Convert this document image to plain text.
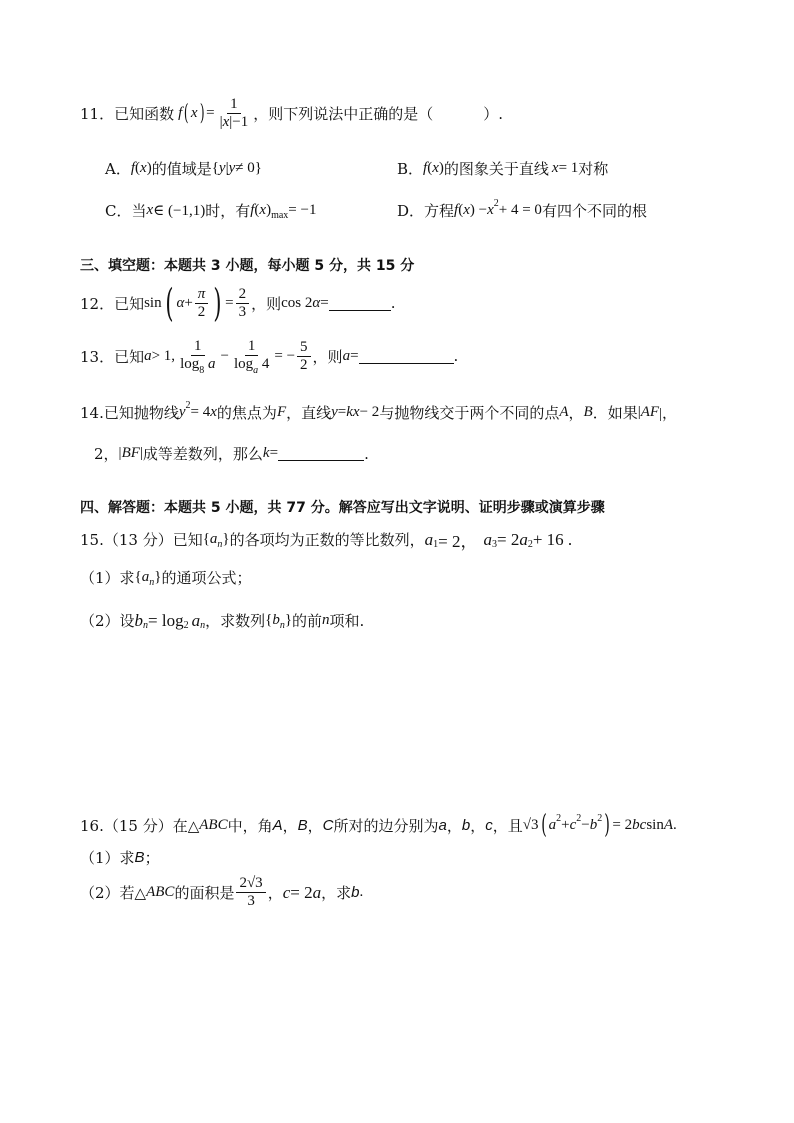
11．已知函数 f ( x ) = $\frac{1}{|x|-1}$ ，则下列说法中正确的是（	）.
A． f ( x ) 的值域是 { y | y ≠ 0}	B． f ( x ) 的图象关于直线 x = 1 对称
C．当 x ∈ (−1,1) 时，有 f ( x ) max = −1	D．方程 f ( x ) − x 2 + 4 = 0 有四个不同的根
三、填空题：本题共 3 小题，每小题 5 分，共 15 分
12．已知 sin ( $\alpha + \frac{\pi}{2}$ ) = $\frac{2}{3}$ ，则 cos 2 α =	.
13．已知 a > 1, $\frac{1}{\log_8 a} - \frac{1}{\log_a 4}$ = − $\frac{5}{2}$ ，则 a =	.
14.已知抛物线 y 2 = 4 x 的焦点为 F ，直线 y = kx − 2 与抛物线交于两个不同的点 A ， B ．如果 | AF |，
2， | BF | 成等差数列，那么 k =	.
四、解答题：本题共 5 小题，共 77 分。解答应写出文字说明、证明步骤或演算步骤
15.（13 分）已知 { a n } 的各项均为正数的等比数列， a 1 = 2， a 3 = 2 a 2 + 16 .
（1）求 { a n } 的通项公式；
（2）设 b n = log 2 a n ，求数列 { b n } 的前 n 项和.
16.（15 分）在△ ABC 中，角 A ， B ， C 所对的边分别为 a ， b ， c ，且 √3 ( a 2 + c 2 − b 2 ) = 2 bc sin A .
（1）求 B ；
（2）若△ ABC 的面积是 $\frac{2√3}{3}$ ， c = 2 a ，求 b .
